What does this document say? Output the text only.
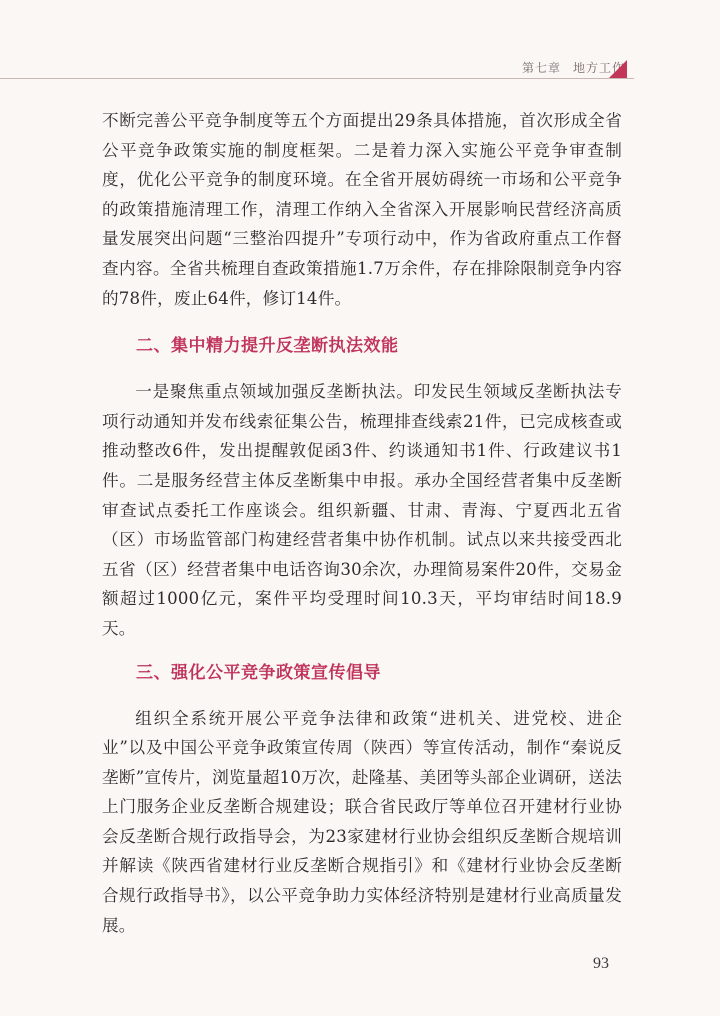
第七章 地方工作

不断完善公平竞争制度等五个方面提出29条具体措施，首次形成全省公平竞争政策实施的制度框架。二是着力深入实施公平竞争审查制度，优化公平竞争的制度环境。在全省开展妨碍统一市场和公平竞争的政策措施清理工作，清理工作纳入全省深入开展影响民营经济高质量发展突出问题“三整治四提升”专项行动中，作为省政府重点工作督查内容。全省共梳理自查政策措施1.7万余件，存在排除限制竞争内容的78件，废止64件，修订14件。

二、集中精力提升反垄断执法效能

一是聚焦重点领域加强反垄断执法。印发民生领域反垄断执法专项行动通知并发布线索征集公告，梳理排查线索21件，已完成核查或推动整改6件，发出提醒敦促函3件、约谈通知书1件、行政建议书1件。二是服务经营主体反垄断集中申报。承办全国经营者集中反垄断审查试点委托工作座谈会。组织新疆、甘肃、青海、宁夏西北五省（区）市场监管部门构建经营者集中协作机制。试点以来共接受西北五省（区）经营者集中电话咨询30余次，办理简易案件20件，交易金额超过1000亿元，案件平均受理时间10.3天，平均审结时间18.9天。

三、强化公平竞争政策宣传倡导

组织全系统开展公平竞争法律和政策“进机关、进党校、进企业”以及中国公平竞争政策宣传周（陕西）等宣传活动，制作“秦说反垄断”宣传片，浏览量超10万次，赴隆基、美团等头部企业调研，送法上门服务企业反垄断合规建设；联合省民政厅等单位召开建材行业协会反垄断合规行政指导会，为23家建材行业协会组织反垄断合规培训并解读《陕西省建材行业反垄断合规指引》和《建材行业协会反垄断合规行政指导书》，以公平竞争助力实体经济特别是建材行业高质量发展。

93
